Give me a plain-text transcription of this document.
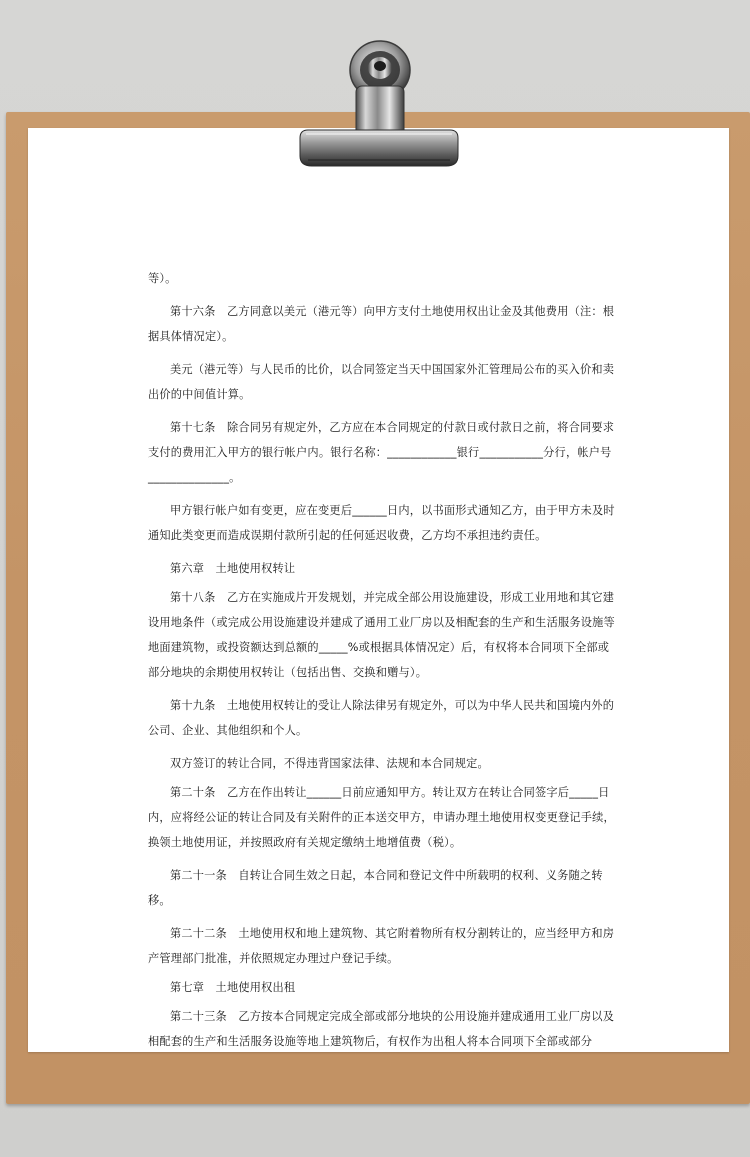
等）。

第十六条　乙方同意以美元（港元等）向甲方支付土地使用权出让金及其他费用（注：根据具体情况定）。

美元（港元等）与人民币的比价，以合同签定当天中国国家外汇管理局公布的买入价和卖出价的中间值计算。

第十七条　除合同另有规定外，乙方应在本合同规定的付款日或付款日之前，将合同要求支付的费用汇入甲方的银行帐户内。银行名称：____________银行___________分行，帐户号______________。

甲方银行帐户如有变更，应在变更后______日内，以书面形式通知乙方，由于甲方未及时通知此类变更而造成误期付款所引起的任何延迟收费，乙方均不承担违约责任。

第六章　土地使用权转让

第十八条　乙方在实施成片开发规划，并完成全部公用设施建设，形成工业用地和其它建设用地条件（或完成公用设施建设并建成了通用工业厂房以及相配套的生产和生活服务设施等地面建筑物，或投资额达到总额的_____%或根据具体情况定）后，有权将本合同项下全部或部分地块的余期使用权转让（包括出售、交换和赠与）。

第十九条　土地使用权转让的受让人除法律另有规定外，可以为中华人民共和国境内外的公司、企业、其他组织和个人。

双方签订的转让合同，不得违背国家法律、法规和本合同规定。

第二十条　乙方在作出转让______日前应通知甲方。转让双方在转让合同签字后_____日内，应将经公证的转让合同及有关附件的正本送交甲方，申请办理土地使用权变更登记手续，换领土地使用证，并按照政府有关规定缴纳土地增值费（税）。

第二十一条　自转让合同生效之日起，本合同和登记文件中所载明的权利、义务随之转移。

第二十二条　土地使用权和地上建筑物、其它附着物所有权分割转让的，应当经甲方和房产管理部门批准，并依照规定办理过户登记手续。

第七章　土地使用权出租

第二十三条　乙方按本合同规定完成全部或部分地块的公用设施并建成通用工业厂房以及相配套的生产和生活服务设施等地上建筑物后，有权作为出租人将本合同项下全部或部分
